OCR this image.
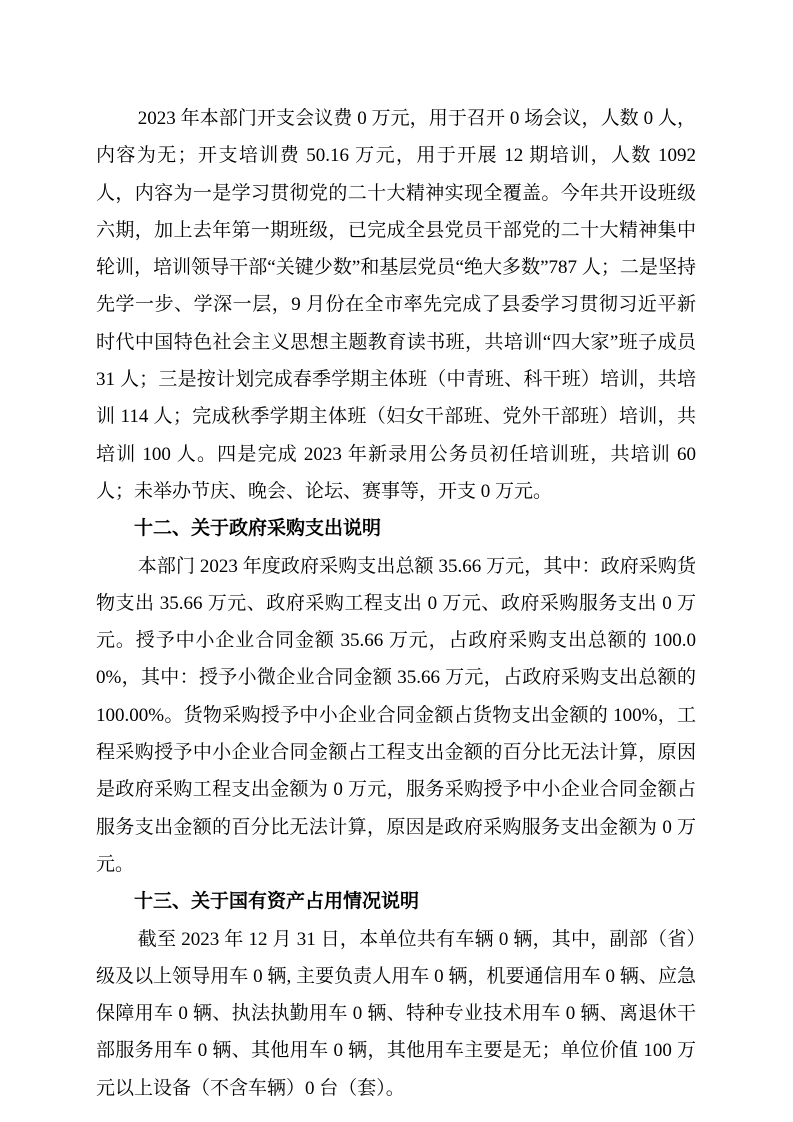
2023 年本部门开支会议费 0 万元，用于召开 0 场会议，人数 0 人，内容为无；开支培训费 50.16 万元，用于开展 12 期培训，人数 1092 人，内容为一是学习贯彻党的二十大精神实现全覆盖。今年共开设班级六期，加上去年第一期班级，已完成全县党员干部党的二十大精神集中轮训，培训领导干部“关键少数”和基层党员“绝大多数”787 人；二是坚持先学一步、学深一层，9 月份在全市率先完成了县委学习贯彻习近平新时代中国特色社会主义思想主题教育读书班，共培训“四大家”班子成员 31 人；三是按计划完成春季学期主体班（中青班、科干班）培训，共培训 114 人；完成秋季学期主体班（妇女干部班、党外干部班）培训，共培训 100 人。四是完成 2023 年新录用公务员初任培训班，共培训 60 人；未举办节庆、晚会、论坛、赛事等，开支 0 万元。

十二、关于政府采购支出说明

本部门 2023 年度政府采购支出总额 35.66 万元，其中：政府采购货物支出 35.66 万元、政府采购工程支出 0 万元、政府采购服务支出 0 万元。授予中小企业合同金额 35.66 万元，占政府采购支出总额的 100.00%，其中：授予小微企业合同金额 35.66 万元，占政府采购支出总额的 100.00%。货物采购授予中小企业合同金额占货物支出金额的 100%，工程采购授予中小企业合同金额占工程支出金额的百分比无法计算，原因是政府采购工程支出金额为 0 万元，服务采购授予中小企业合同金额占服务支出金额的百分比无法计算，原因是政府采购服务支出金额为 0 万元。

十三、关于国有资产占用情况说明

截至 2023 年 12 月 31 日，本单位共有车辆 0 辆，其中，副部（省）级及以上领导用车 0 辆, 主要负责人用车 0 辆，机要通信用车 0 辆、应急保障用车 0 辆、执法执勤用车 0 辆、特种专业技术用车 0 辆、离退休干部服务用车 0 辆、其他用车 0 辆，其他用车主要是无；单位价值 100 万元以上设备（不含车辆）0 台（套）。
